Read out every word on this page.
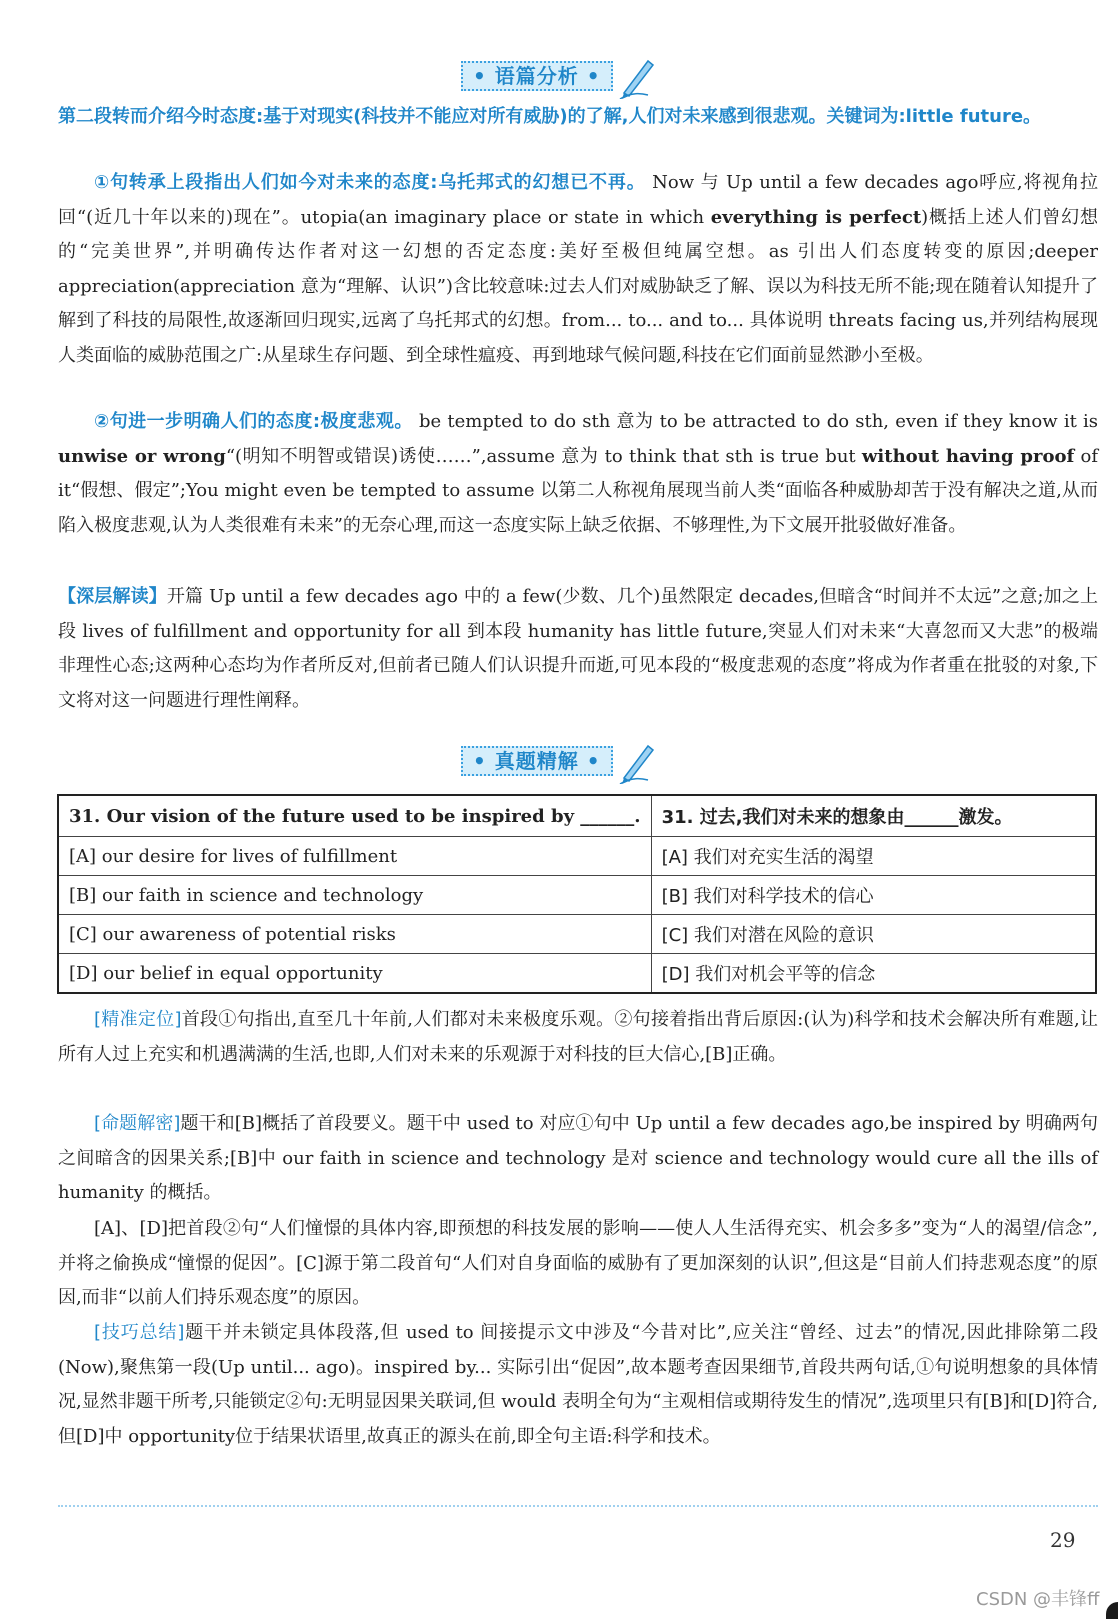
• 语篇分析 •

第二段转而介绍今时态度:基于对现实(科技并不能应对所有威胁)的了解,人们对未来感到很悲观。关键词为:little future。

①句转承上段指出人们如今对未来的态度:乌托邦式的幻想已不再。 Now 与 Up until a few decades ago呼应,将视角拉回“(近几十年以来的)现在”。utopia(an imaginary place or state in which everything is perfect)概括上述人们曾幻想的“完美世界”,并明确传达作者对这一幻想的否定态度:美好至极但纯属空想。as 引出人们态度转变的原因;deeper appreciation(appreciation 意为“理解、认识”)含比较意味:过去人们对威胁缺乏了解、误以为科技无所不能;现在随着认知提升了解到了科技的局限性,故逐渐回归现实,远离了乌托邦式的幻想。from... to... and to... 具体说明 threats facing us,并列结构展现人类面临的威胁范围之广:从星球生存问题、到全球性瘟疫、再到地球气候问题,科技在它们面前显然渺小至极。

②句进一步明确人们的态度:极度悲观。 be tempted to do sth 意为 to be attracted to do sth, even if they know it is unwise or wrong“(明知不明智或错误)诱使……”,assume 意为 to think that sth is true but without having proof of it“假想、假定”;You might even be tempted to assume 以第二人称视角展现当前人类“面临各种威胁却苦于没有解决之道,从而陷入极度悲观,认为人类很难有未来”的无奈心理,而这一态度实际上缺乏依据、不够理性,为下文展开批驳做好准备。

【深层解读】开篇 Up until a few decades ago 中的 a few(少数、几个)虽然限定 decades,但暗含“时间并不太远”之意;加之上段 lives of fulfillment and opportunity for all 到本段 humanity has little future,突显人们对未来“大喜忽而又大悲”的极端非理性心态;这两种心态均为作者所反对,但前者已随人们认识提升而逝,可见本段的“极度悲观的态度”将成为作者重在批驳的对象,下文将对这一问题进行理性阐释。

• 真题精解 •
31. Our vision of the future used to be inspired by ______.	31. 过去,我们对未来的想象由______激发。
[A] our desire for lives of fulfillment	[A] 我们对充实生活的渴望
[B] our faith in science and technology	[B] 我们对科学技术的信心
[C] our awareness of potential risks	[C] 我们对潜在风险的意识
[D] our belief in equal opportunity	[D] 我们对机会平等的信念

[精准定位]首段①句指出,直至几十年前,人们都对未来极度乐观。②句接着指出背后原因:(认为)科学和技术会解决所有难题,让所有人过上充实和机遇满满的生活,也即,人们对未来的乐观源于对科技的巨大信心,[B]正确。

[命题解密]题干和[B]概括了首段要义。题干中 used to 对应①句中 Up until a few decades ago,be inspired by 明确两句之间暗含的因果关系;[B]中 our faith in science and technology 是对 science and technology would cure all the ills of humanity 的概括。

[A]、[D]把首段②句“人们憧憬的具体内容,即预想的科技发展的影响——使人人生活得充实、机会多多”变为“人的渴望/信念”,并将之偷换成“憧憬的促因”。[C]源于第二段首句“人们对自身面临的威胁有了更加深刻的认识”,但这是“目前人们持悲观态度”的原因,而非“以前人们持乐观态度”的原因。

[技巧总结]题干并未锁定具体段落,但 used to 间接提示文中涉及“今昔对比”,应关注“曾经、过去”的情况,因此排除第二段(Now),聚焦第一段(Up until... ago)。inspired by... 实际引出“促因”,故本题考查因果细节,首段共两句话,①句说明想象的具体情况,显然非题干所考,只能锁定②句:无明显因果关联词,但 would 表明全句为“主观相信或期待发生的情况”,选项里只有[B]和[D]符合,但[D]中 opportunity位于结果状语里,故真正的源头在前,即全句主语:科学和技术。

29
CSDN @丰锋ff
